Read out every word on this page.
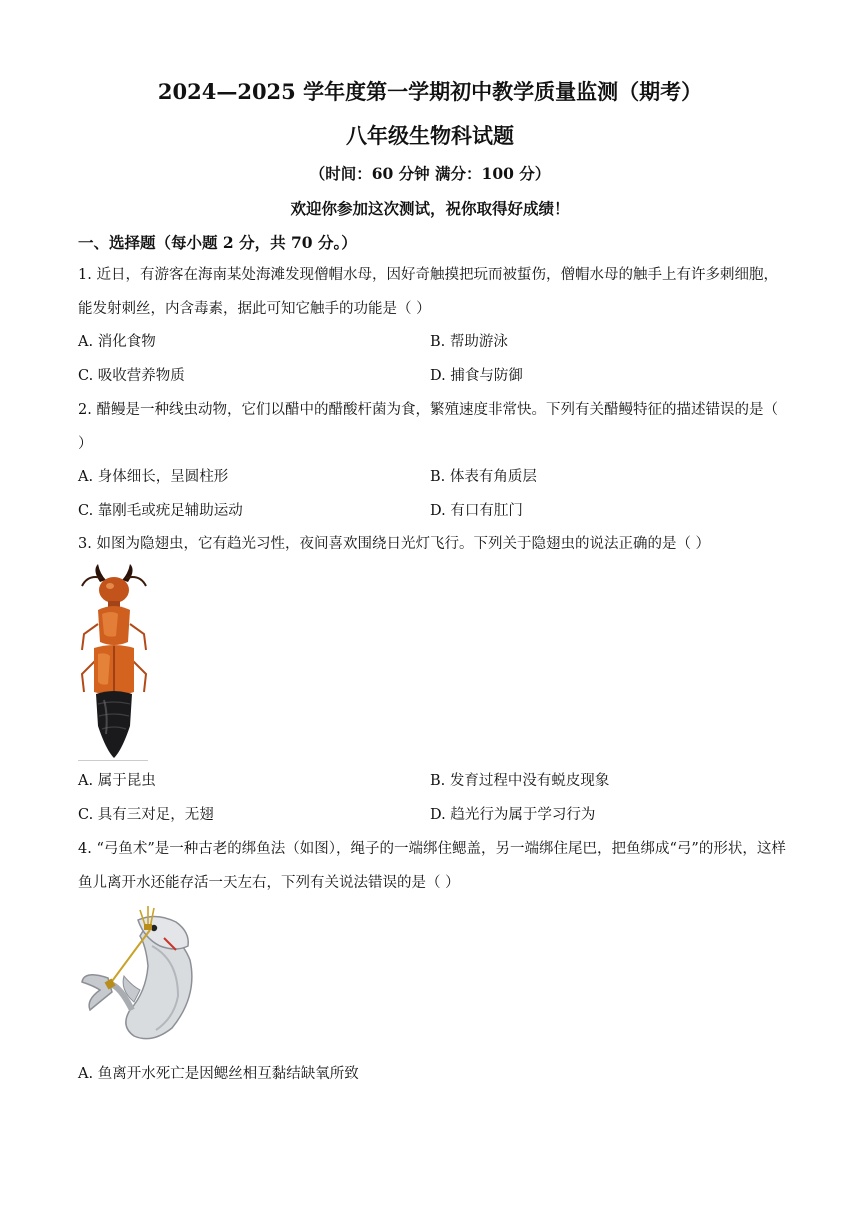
2024—2025 学年度第一学期初中教学质量监测（期考）
八年级生物科试题
（时间：60 分钟 满分：100 分）
欢迎你参加这次测试，祝你取得好成绩！
一、选择题（每小题 2 分，共 70 分。）
1. 近日，有游客在海南某处海滩发现僧帽水母，因好奇触摸把玩而被蜇伤，僧帽水母的触手上有许多刺细胞，能发射刺丝，内含毒素，据此可知它触手的功能是（ ）
A. 消化食物	B. 帮助游泳
C. 吸收营养物质	D. 捕食与防御
2. 醋鳗是一种线虫动物，它们以醋中的醋酸杆菌为食，繁殖速度非常快。下列有关醋鳗特征的描述错误的是（ ）
A. 身体细长，呈圆柱形	B. 体表有角质层
C. 靠刚毛或疣足辅助运动	D. 有口有肛门
3. 如图为隐翅虫，它有趋光习性，夜间喜欢围绕日光灯飞行。下列关于隐翅虫的说法正确的是（ ）
A. 属于昆虫	B. 发育过程中没有蜕皮现象
C. 具有三对足，无翅	D. 趋光行为属于学习行为
4. “弓鱼术”是一种古老的绑鱼法（如图），绳子的一端绑住鳃盖，另一端绑住尾巴，把鱼绑成“弓”的形状，这样鱼儿离开水还能存活一天左右，下列有关说法错误的是（ ）
A. 鱼离开水死亡是因鳃丝相互黏结缺氧所致
